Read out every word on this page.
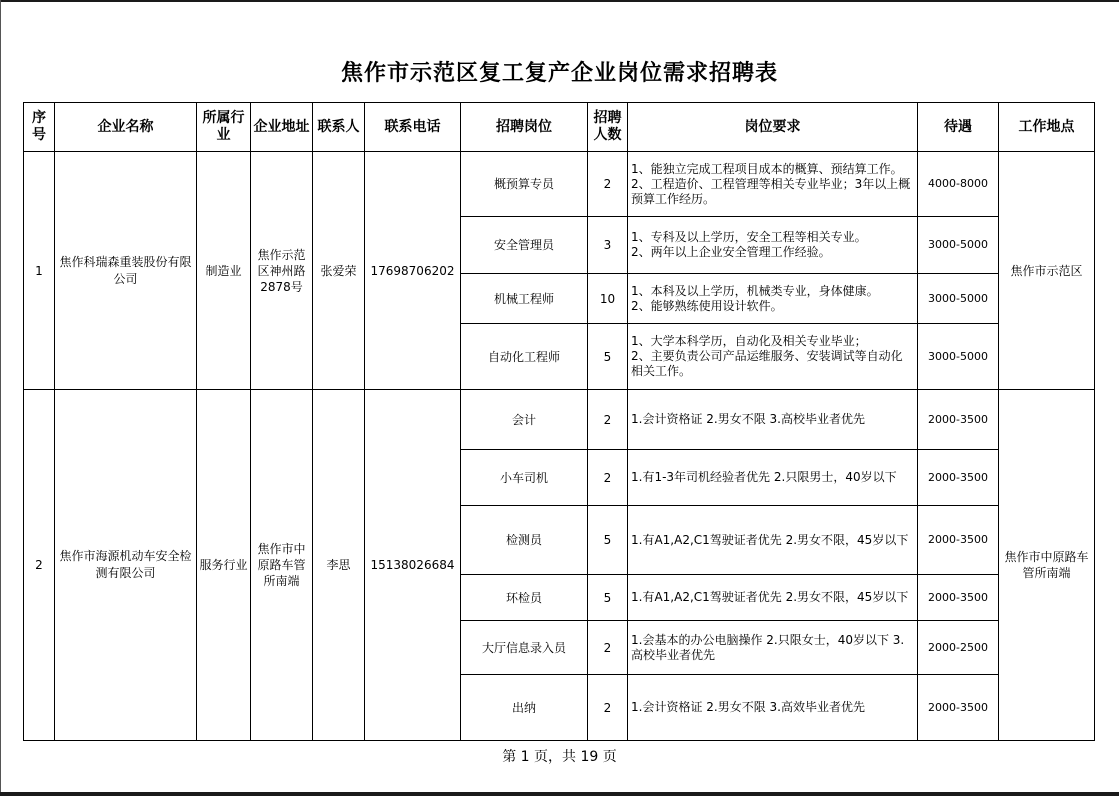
焦作市示范区复工复产企业岗位需求招聘表
序号	企业名称	所属行业	企业地址	联系人	联系电话	招聘岗位	招聘人数	岗位要求	待遇	工作地点
1	焦作科瑞森重装股份有限公司	制造业	焦作示范区神州路2878号	张爱荣	17698706202	概预算专员	2	1、能独立完成工程项目成本的概算、预结算工作。
2、工程造价、工程管理等相关专业毕业；3年以上概预算工作经历。	4000-8000	焦作市示范区
						安全管理员	3	1、专科及以上学历，安全工程等相关专业。
2、两年以上企业安全管理工作经验。	3000-5000	
						机械工程师	10	1、本科及以上学历，机械类专业，身体健康。
2、能够熟练使用设计软件。	3000-5000	
						自动化工程师	5	1、大学本科学历，自动化及相关专业毕业；
2、主要负责公司产品运维服务、安装调试等自动化相关工作。	3000-5000	
2	焦作市海源机动车安全检测有限公司	服务行业	焦作市中原路车管所南端	李思	15138026684	会计	2	1.会计资格证 2.男女不限 3.高校毕业者优先	2000-3500	焦作市中原路车管所南端
						小车司机	2	1.有1-3年司机经验者优先 2.只限男士，40岁以下	2000-3500	
						检测员	5	1.有A1,A2,C1驾驶证者优先 2.男女不限，45岁以下	2000-3500	
						环检员	5	1.有A1,A2,C1驾驶证者优先 2.男女不限，45岁以下	2000-3500	
						大厅信息录入员	2	1.会基本的办公电脑操作 2.只限女士，40岁以下 3.高校毕业者优先	2000-2500	
						出纳	2	1.会计资格证 2.男女不限 3.高效毕业者优先	2000-3500	
第 1 页，共 19 页
